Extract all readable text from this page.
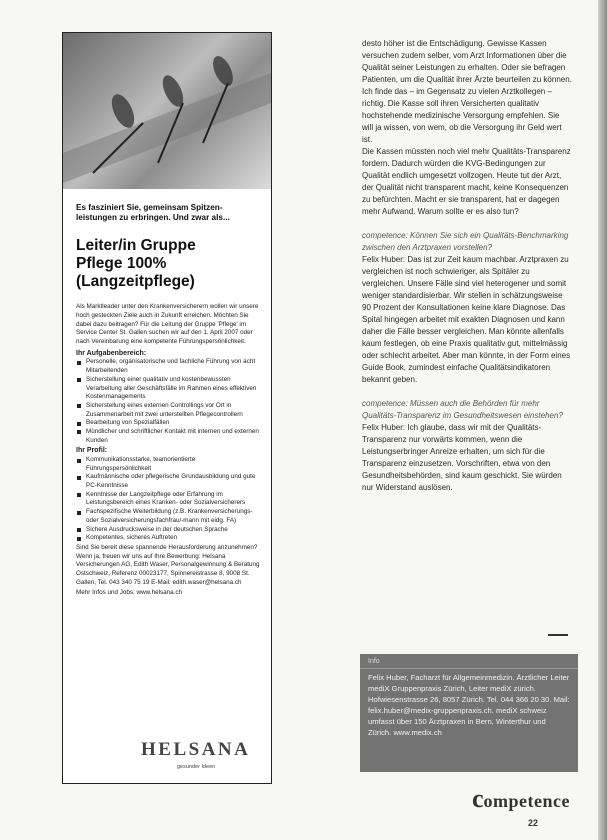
Es fasziniert Sie, gemeinsam Spitzen-leistungen zu erbringen. Und zwar als...
Leiter/in Gruppe
Pflege 100%
(Langzeitpflege)

Als Marktleader unter den Krankenversicherern wollen wir unsere hoch gesteckten Ziele auch in Zukunft erreichen. Möchten Sie dabei dazu beitragen? Für die Leitung der Gruppe 'Pflege' im Service Center St. Gallen suchen wir auf den 1. April 2007 oder nach Vereinbarung eine kompetente Führungspersönlichkeit.

Ihr Aufgabenbereich:
Personelle, organisatorische und fachliche Führung von acht Mitarbeitenden
Sicherstellung einer qualitativ und kostenbewussten Verarbeitung aller Geschäftsfälle im Rahmen eines effektiven Kostenmanagements
Sicherstellung eines externen Controllings vor Ort in Zusammenarbeit mit zwei unterstellten Pflegecontrollern
Bearbeitung von Spezialfällen
Mündlicher und schriftlicher Kontakt mit internen und externen Kunden
Ihr Profil:
Kommunikationsstarke, teamorientierte Führungspersönlichkeit
Kaufmännische oder pflegerische Grundausbildung und gute PC-Kenntnisse
Kenntnisse der Langzeitpflege oder Erfahrung im Leistungsbereich eines Kranken- oder Sozialversicherers
Fachspezifische Weiterbildung (z.B. Krankenversicherungs- oder Sozialversicherungsfachfrau/-mann mit eidg. FA)
Sichere Ausdrucksweise in der deutschen Sprache
Kompetentes, sicheres Auftreten

Sind Sie bereit diese spannende Herausforderung anzunehmen? Wenn ja, freuen wir uns auf Ihre Bewerbung: Helsana Versicherungen AG, Edith Waser, Personalgewinnung & Beratung Ostschweiz, Referenz 00023177, Spinnereistrasse 8, 9008 St. Gallen, Tel. 043 340 75 19 E-Mail: edith.waser@helsana.ch

Mehr Infos und Jobs: www.helsana.ch

HELSANA
gesunder Ideen

desto höher ist die Entschädigung. Gewisse Kassen versuchen zudem selber, vom Arzt Informationen über die Qualität seiner Leistungen zu erhalten. Oder sie befragen Patienten, um die Qualität ihrer Ärzte beurteilen zu können. Ich finde das – im Gegensatz zu vielen Arztkollegen – richtig. Die Kasse soll ihren Versicherten qualitativ hochstehende medizinische Versorgung empfehlen. Sie will ja wissen, von wem, ob die Versorgung ihr Geld wert ist.

Die Kassen müssten noch viel mehr Qualitäts-Transparenz fordern. Dadurch würden die KVG-Bedingungen zur Qualität endlich umgesetzt vollzogen. Heute tut der Arzt, der Qualität nicht transparent macht, keine Konsequenzen zu befürchten. Macht er sie transparent, hat er dagegen mehr Aufwand. Warum sollte er es also tun?

competence: Können Sie sich ein Qualitäts-Benchmarking zwischen den Arztpraxen vorstellen?

Felix Huber: Das ist zur Zeit kaum machbar. Arztpraxen zu vergleichen ist noch schwieriger, als Spitäler zu vergleichen. Unsere Fälle sind viel heterogener und somit weniger standardisierbar. Wir stellen in schätzungsweise 90 Prozent der Konsultationen keine klare Diagnose. Das Spital hingegen arbeitet mit exakten Diagnosen und kann daher die Fälle besser vergleichen. Man könnte allenfalls kaum festlegen, ob eine Praxis qualitativ gut, mittelmässig oder schlecht arbeitet. Aber man könnte, in der Form eines Guide Book, zumindest einfache Qualitätsindikatoren bekannt geben.

competence: Müssen auch die Behörden für mehr Qualitäts-Transparenz im Gesundheitswesen einstehen?

Felix Huber: Ich glaube, dass wir mit der Qualitäts-Transparenz nur vorwärts kommen, wenn die Leistungserbringer Anreize erhalten, um sich für die Transparenz einzusetzen. Vorschriften, etwa von den Gesundheitsbehörden, sind kaum geschickt. Sie würden nur Widerstand auslösen.

Info
Felix Huber, Facharzt für Allgemeinmedizin. Ärztlicher Leiter mediX Gruppenpraxis Zürich, Leiter mediX zürich. Hofwiesenstrasse 26, 8057 Zürich. Tel. 044 366 20 30. Mail: felix.huber@medix-gruppenpraxis.ch. mediX schweiz umfasst über 150 Ärztpraxen in Bern, Winterthur und Zürich. www.medix.ch
competence
22
